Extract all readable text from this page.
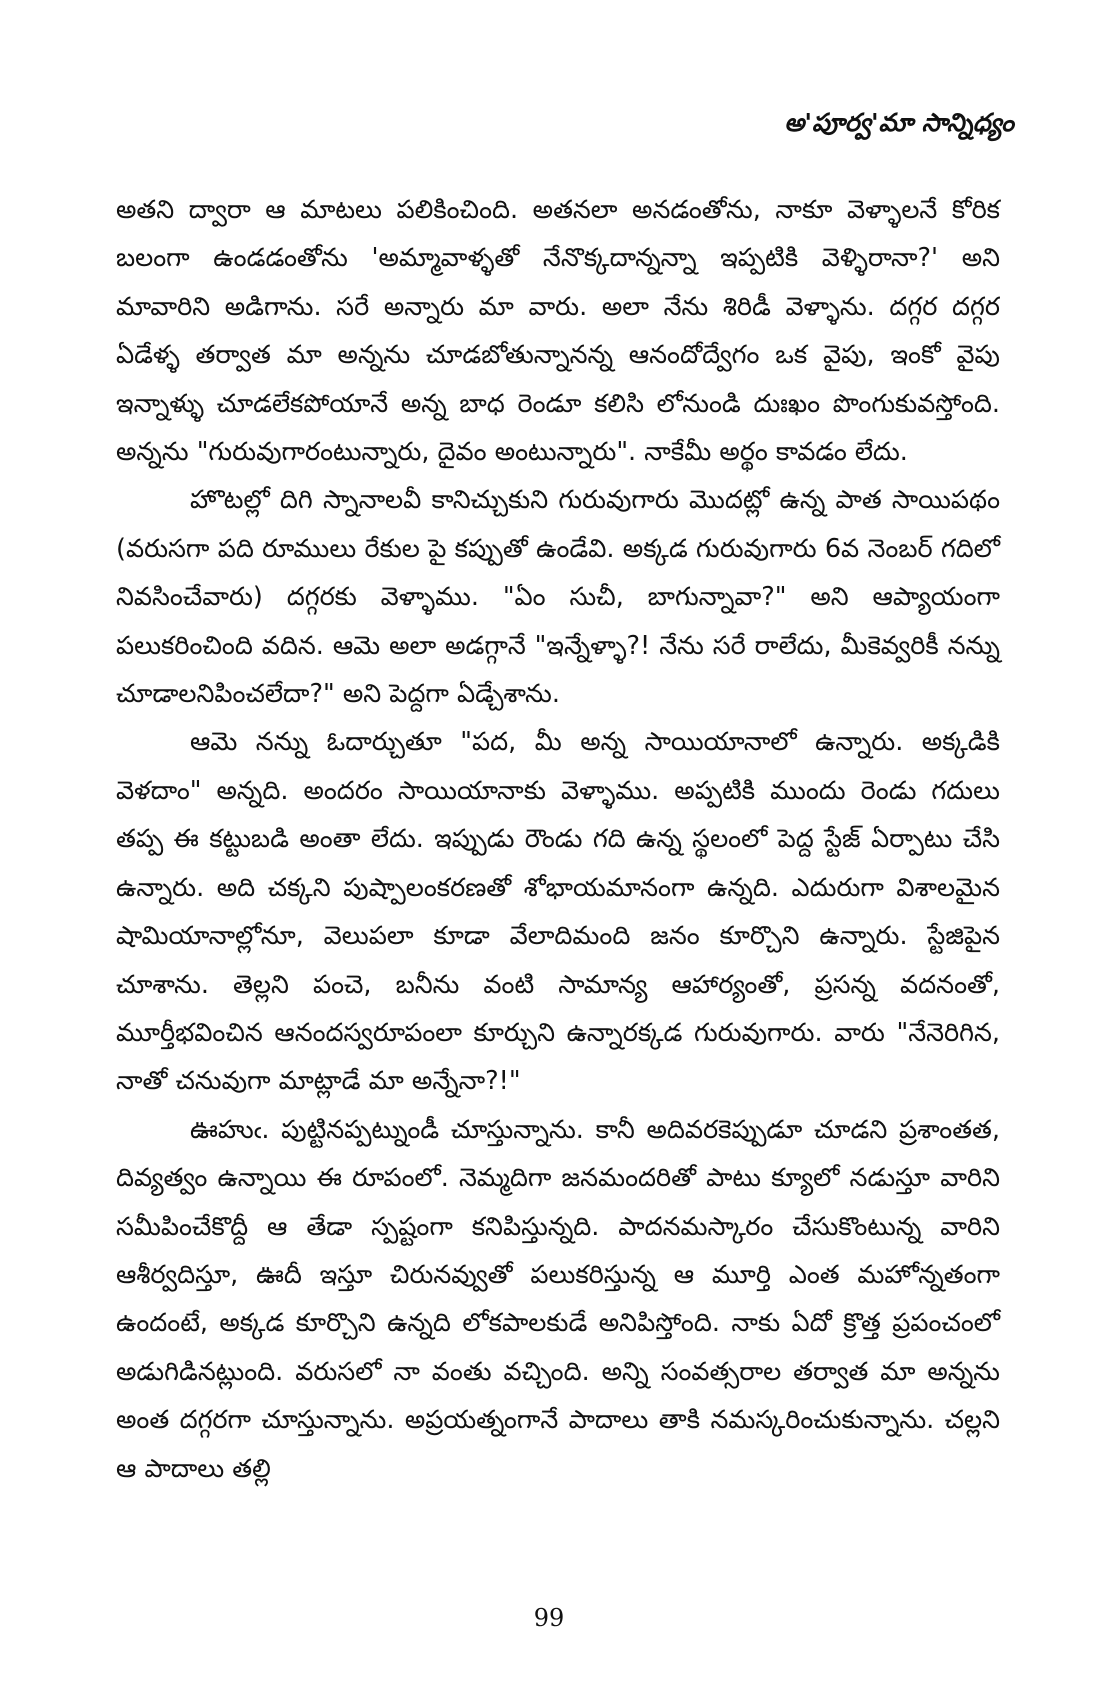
అ'పూర్వ'మా సాన్నిధ్యం

అతని ద్వారా ఆ మాటలు పలికించింది. అతనలా అనడంతోను, నాకూ వెళ్ళాలనే కోరిక బలంగా ఉండడంతోను 'అమ్మావాళ్ళతో నేనొక్కదాన్నన్నా ఇప్పటికి వెళ్ళిరానా?' అని మావారిని అడిగాను. సరే అన్నారు మా వారు. అలా నేను శిరిడీ వెళ్ళాను. దగ్గర దగ్గర ఏడేళ్ళ తర్వాత మా అన్నను చూడబోతున్నానన్న ఆనందోద్వేగం ఒక వైపు, ఇంకో వైపు ఇన్నాళ్ళు చూడలేకపోయానే అన్న బాధ రెండూ కలిసి లోనుండి దుఃఖం పొంగుకువస్తోంది. అన్నను "గురువుగారంటున్నారు, దైవం అంటున్నారు". నాకేమీ అర్థం కావడం లేదు.

హొటల్లో దిగి స్నానాలవీ కానిచ్చుకుని గురువుగారు మొదట్లో ఉన్న పాత సాయిపథం (వరుసగా పది రూములు రేకుల పై కప్పుతో ఉండేవి. అక్కడ గురువుగారు 6వ నెంబర్ గదిలో నివసించేవారు) దగ్గరకు వెళ్ళాము. "ఏం సుచీ, బాగున్నావా?" అని ఆప్యాయంగా పలుకరించింది వదిన. ఆమె అలా అడగ్గానే "ఇన్నేళ్ళా?! నేను సరే రాలేదు, మీకెవ్వరికీ నన్ను చూడాలనిపించలేదా?" అని పెద్దగా ఏడ్చేశాను.

ఆమె నన్ను ఓదార్చుతూ "పద, మీ అన్న సాయియానాలో ఉన్నారు. అక్కడికి వెళదాం" అన్నది. అందరం సాయియానాకు వెళ్ళాము. అప్పటికి ముందు రెండు గదులు తప్ప ఈ కట్టుబడి అంతా లేదు. ఇప్పుడు రౌండు గది ఉన్న స్థలంలో పెద్ద స్టేజ్ ఏర్పాటు చేసి ఉన్నారు. అది చక్కని పుష్పాలంకరణతో శోభాయమానంగా ఉన్నది. ఎదురుగా విశాలమైన షామియానాల్లోనూ, వెలుపలా కూడా వేలాదిమంది జనం కూర్చొని ఉన్నారు. స్టేజిపైన చూశాను. తెల్లని పంచె, బనీను వంటి సామాన్య ఆహార్యంతో, ప్రసన్న వదనంతో, మూర్తీభవించిన ఆనందస్వరూపంలా కూర్చుని ఉన్నారక్కడ గురువుగారు. వారు "నేనెరిగిన, నాతో చనువుగా మాట్లాడే మా అన్నేనా?!"

ఊహుఁ. పుట్టినప్పట్నుండీ చూస్తున్నాను. కానీ అదివరకెప్పుడూ చూడని ప్రశాంతత, దివ్యత్వం ఉన్నాయి ఈ రూపంలో. నెమ్మదిగా జనమందరితో పాటు క్యూలో నడుస్తూ వారిని సమీపించేకొద్దీ ఆ తేడా స్పష్టంగా కనిపిస్తున్నది. పాదనమస్కారం చేసుకొంటున్న వారిని ఆశీర్వదిస్తూ, ఊదీ ఇస్తూ చిరునవ్వుతో పలుకరిస్తున్న ఆ మూర్తి ఎంత మహోన్నతంగా ఉందంటే, అక్కడ కూర్చొని ఉన్నది లోకపాలకుడే అనిపిస్తోంది. నాకు ఏదో క్రొత్త ప్రపంచంలో అడుగిడినట్లుంది. వరుసలో నా వంతు వచ్చింది. అన్ని సంవత్సరాల తర్వాత మా అన్నను అంత దగ్గరగా చూస్తున్నాను. అప్రయత్నంగానే పాదాలు తాకి నమస్కరించుకున్నాను. చల్లని ఆ పాదాలు తల్లి

99
